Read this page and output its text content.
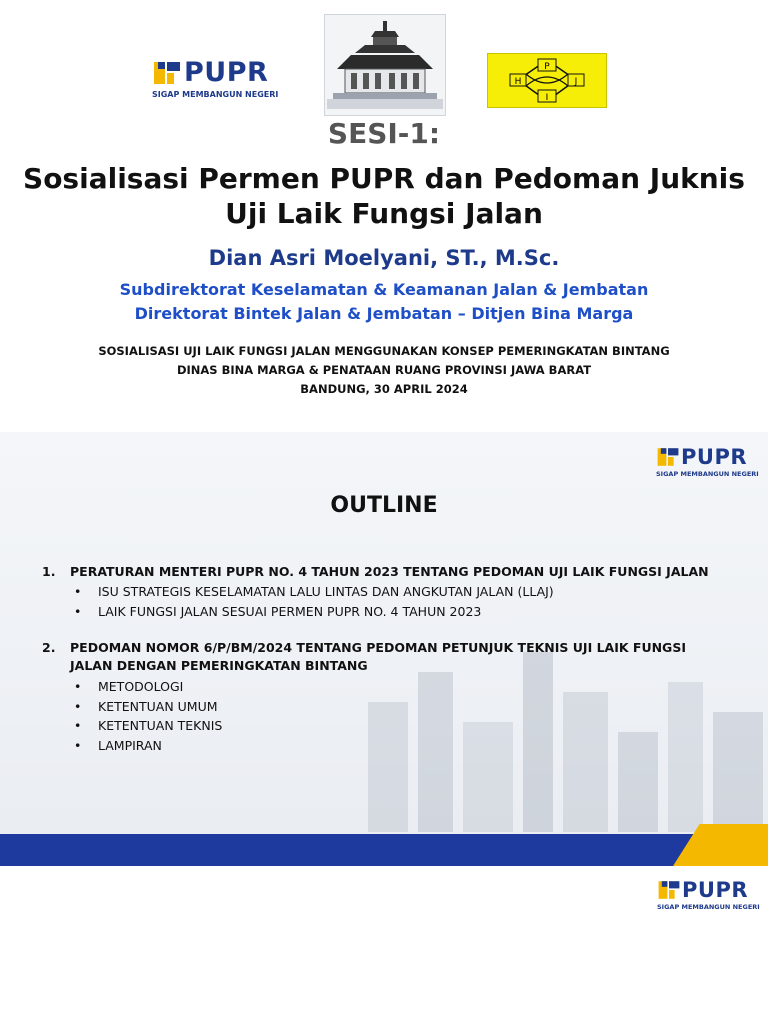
PUPR
SIGAP MEMBANGUN NEGERI
P
H	J
I
SESI-1:
Sosialisasi Permen PUPR dan Pedoman Juknis
Uji Laik Fungsi Jalan
Dian Asri Moelyani, ST., M.Sc.
Subdirektorat Keselamatan & Keamanan Jalan & Jembatan
Direktorat Bintek Jalan & Jembatan – Ditjen Bina Marga
SOSIALISASI UJI LAIK FUNGSI JALAN MENGGUNAKAN KONSEP PEMERINGKATAN BINTANG
DINAS BINA MARGA & PENATAAN RUANG PROVINSI JAWA BARAT
BANDUNG, 30 APRIL 2024
PUPR
SIGAP MEMBANGUN NEGERI
OUTLINE
1.	PERATURAN MENTERI PUPR NO. 4 TAHUN 2023 TENTANG PEDOMAN UJI LAIK FUNGSI JALAN
• ISU STRATEGIS KESELAMATAN LALU LINTAS DAN ANGKUTAN JALAN (LLAJ)
• LAIK FUNGSI JALAN SESUAI PERMEN PUPR NO. 4 TAHUN 2023
2.	PEDOMAN NOMOR 6/P/BM/2024 TENTANG PEDOMAN PETUNJUK TEKNIS UJI LAIK FUNGSI JALAN DENGAN PEMERINGKATAN BINTANG
• METODOLOGI
• KETENTUAN UMUM
• KETENTUAN TEKNIS
• LAMPIRAN
PUPR
SIGAP MEMBANGUN NEGERI
